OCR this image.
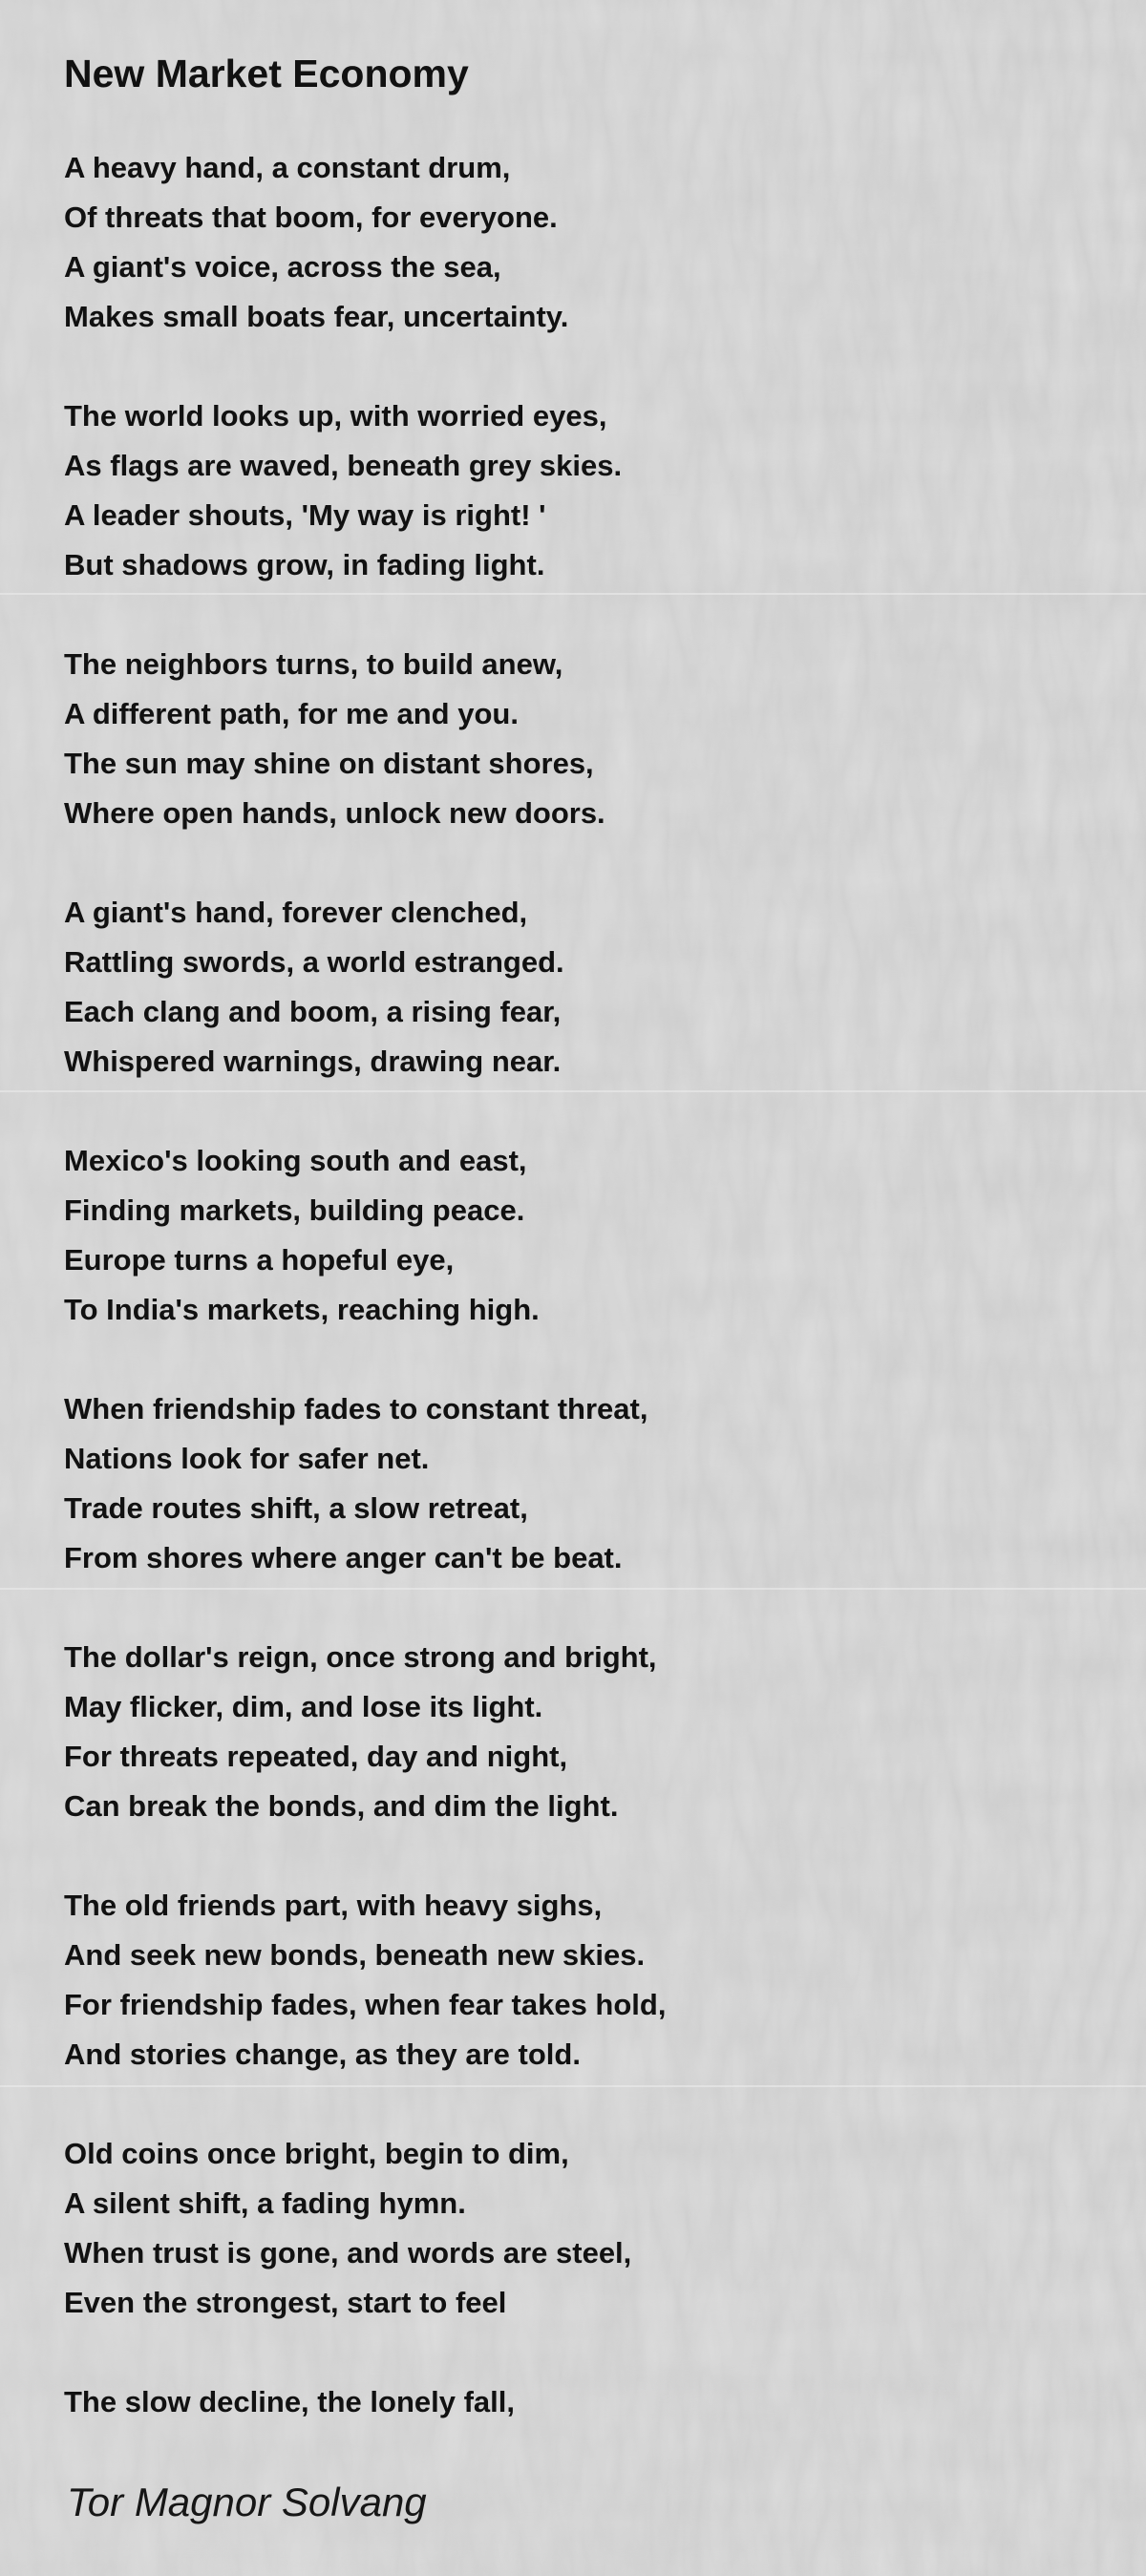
New Market Economy
A heavy hand, a constant drum,
Of threats that boom, for everyone.
A giant's voice, across the sea,
Makes small boats fear, uncertainty.
The world looks up, with worried eyes,
As flags are waved, beneath grey skies.
A leader shouts, 'My way is right! '
But shadows grow, in fading light.
The neighbors turns, to build anew,
A different path, for me and you.
The sun may shine on distant shores,
Where open hands, unlock new doors.
A giant's hand, forever clenched,
Rattling swords, a world estranged.
Each clang and boom, a rising fear,
Whispered warnings, drawing near.
Mexico's looking south and east,
Finding markets, building peace.
Europe turns a hopeful eye,
To India's markets, reaching high.
When friendship fades to constant threat,
Nations look for safer net.
Trade routes shift, a slow retreat,
From shores where anger can't be beat.
The dollar's reign, once strong and bright,
May flicker, dim, and lose its light.
For threats repeated, day and night,
Can break the bonds, and dim the light.
The old friends part, with heavy sighs,
And seek new bonds, beneath new skies.
For friendship fades, when fear takes hold,
And stories change, as they are told.
Old coins once bright, begin to dim,
A silent shift, a fading hymn.
When trust is gone, and words are steel,
Even the strongest, start to feel
The slow decline, the lonely fall,

Tor Magnor Solvang
